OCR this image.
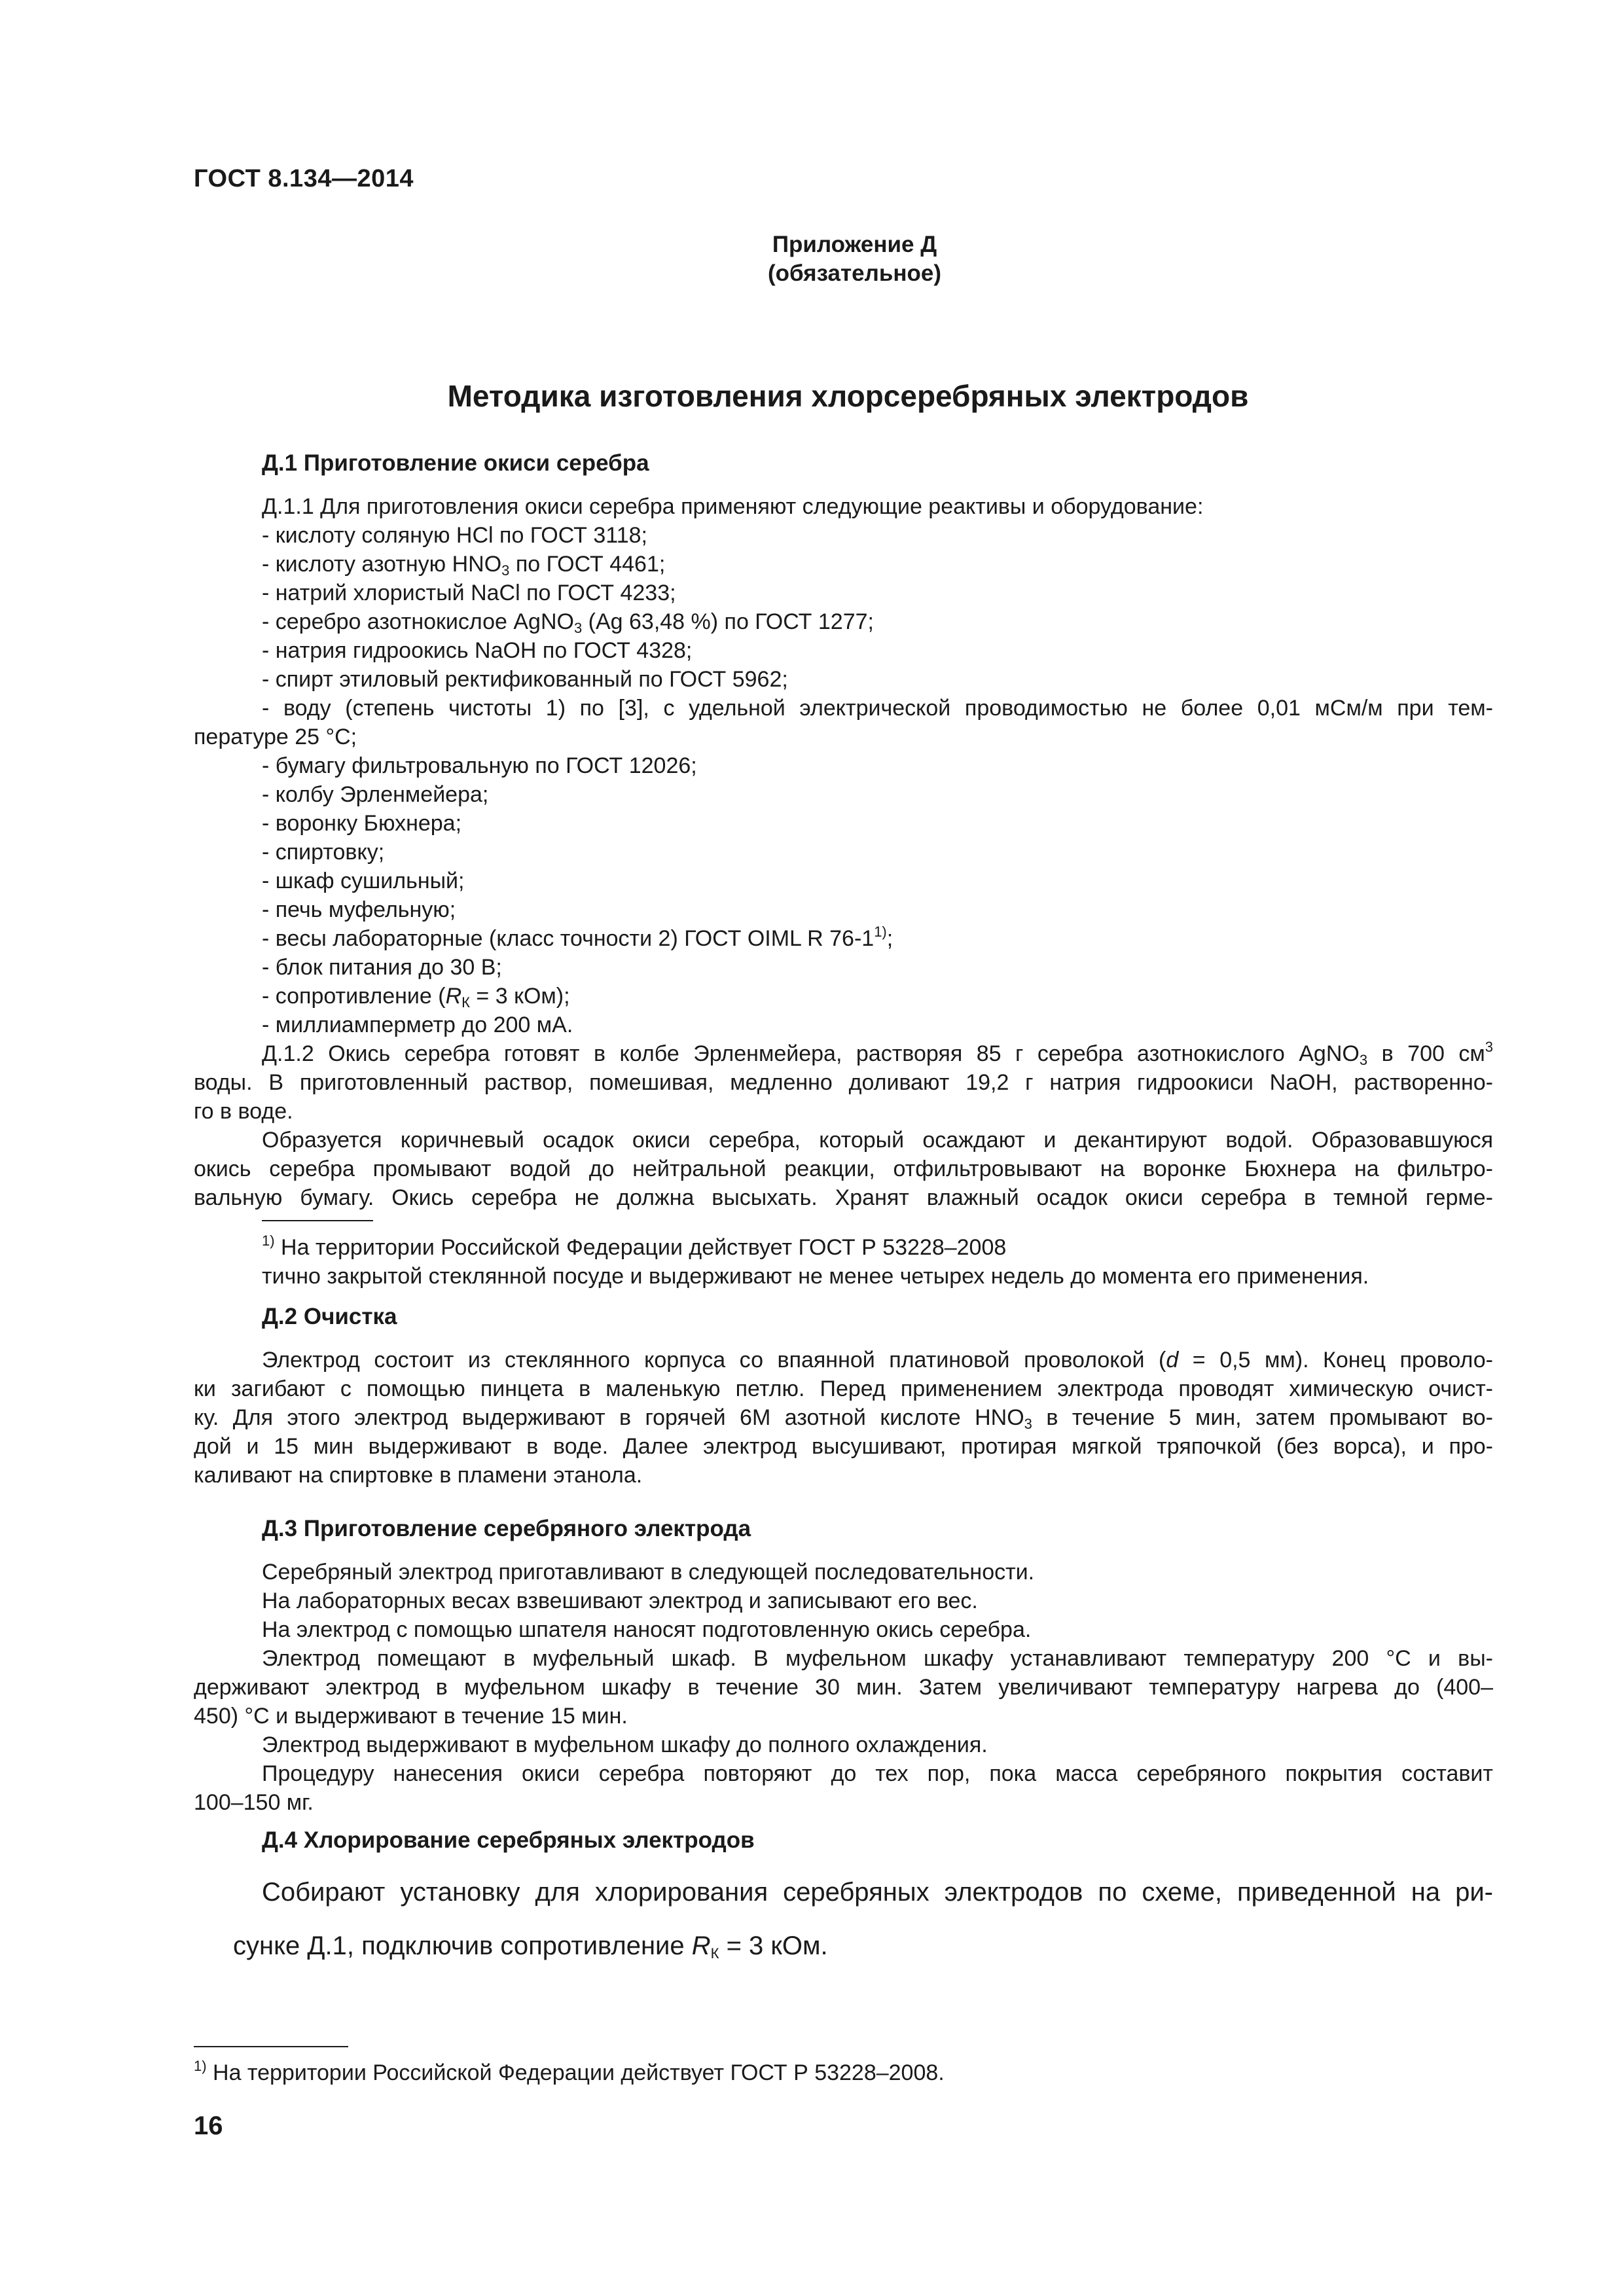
ГОСТ 8.134—2014
Приложение Д
(обязательное)
Методика изготовления хлорсеребряных электродов
Д.1 Приготовление окиси серебра
Д.1.1 Для приготовления окиси серебра применяют следующие реактивы и оборудование:
- кислоту соляную HCl по ГОСТ 3118;
- кислоту азотную $HNO_3$ по ГОСТ 4461;
- натрий хлористый NaCl по ГОСТ 4233;
- серебро азотнокислое AgNO$_3$ (Ag 63,48 %) по ГОСТ 1277;
- натрия гидроокись NaOH по ГОСТ 4328;
- спирт этиловый ректификованный по ГОСТ 5962;
- воду (степень чистоты 1) по [3], с удельной электрической проводимостью не более 0,01 мСм/м при тем-
пературе 25 °С;
- бумагу фильтровальную по ГОСТ 12026;
- колбу Эрленмейера;
- воронку Бюхнера;
- спиртовку;
- шкаф сушильный;
- печь муфельную;
- весы лабораторные (класс точности 2) ГОСТ OIML R 76-1$^{1)}$;
- блок питания до 30 В;
- сопротивление ($R_К = 3$ кОм);
- миллиамперметр до 200 мА.
Д.1.2 Окись серебра готовят в колбе Эрленмейера, растворяя 85 г серебра азотнокислого AgNO$_3$ в 700 $см^3$
воды. В приготовленный раствор, помешивая, медленно доливают 19,2 г натрия гидроокиси NaOH, растворенно-
го в воде.
Образуется коричневый осадок окиси серебра, который осаждают и декантируют водой. Образовавшуюся
окись серебра промывают водой до нейтральной реакции, отфильтровывают на воронке Бюхнера на фильтро-
вальную бумагу. Окись серебра не должна высыхать. Хранят влажный осадок окиси серебра в темной герме-
$^{1)}$ На территории Российской Федерации действует ГОСТ Р 53228–2008
тично закрытой стеклянной посуде и выдерживают не менее четырех недель до момента его применения.
Д.2 Очистка
Электрод состоит из стеклянного корпуса со впаянной платиновой проволокой (d = 0,5 мм). Конец проволо-
ки загибают с помощью пинцета в маленькую петлю. Перед применением электрода проводят химическую очист-
ку. Для этого электрод выдерживают в горячей 6М азотной кислоте $HNO_3$ в течение 5 мин, затем промывают во-
дой и 15 мин выдерживают в воде. Далее электрод высушивают, протирая мягкой тряпочкой (без ворса), и про-
каливают на спиртовке в пламени этанола.
Д.3 Приготовление серебряного электрода
Серебряный электрод приготавливают в следующей последовательности.
На лабораторных весах взвешивают электрод и записывают его вес.
На электрод с помощью шпателя наносят подготовленную окись серебра.
Электрод помещают в муфельный шкаф. В муфельном шкафу устанавливают температуру 200 °С и вы-
держивают электрод в муфельном шкафу в течение 30 мин. Затем увеличивают температуру нагрева до (400–
450) °С и выдерживают в течение 15 мин.
Электрод выдерживают в муфельном шкафу до полного охлаждения.
Процедуру нанесения окиси серебра повторяют до тех пор, пока масса серебряного покрытия составит
100–150 мг.
Д.4 Хлорирование серебряных электродов
Собирают установку для хлорирования серебряных электродов по схеме, приведенной на ри-
сунке Д.1, подключив сопротивление $R_К = 3$ кОм.
$^{1)}$ На территории Российской Федерации действует ГОСТ Р 53228–2008.
16
